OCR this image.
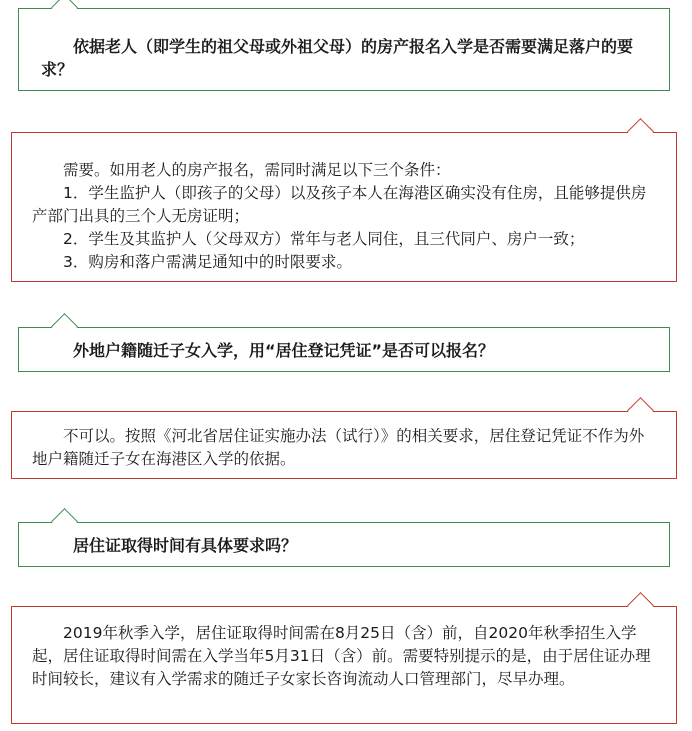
依据老人（即学生的祖父母或外祖父母）的房产报名入学是否需要满足落户的要求？

需要。如用老人的房产报名，需同时满足以下三个条件：

1．学生监护人（即孩子的父母）以及孩子本人在海港区确实没有住房，且能够提供房产部门出具的三个人无房证明；

2．学生及其监护人（父母双方）常年与老人同住，且三代同户、房户一致；

3．购房和落户需满足通知中的时限要求。

外地户籍随迁子女入学，用“居住登记凭证”是否可以报名？

不可以。按照《河北省居住证实施办法（试行）》的相关要求，居住登记凭证不作为外地户籍随迁子女在海港区入学的依据。

居住证取得时间有具体要求吗？

2019年秋季入学，居住证取得时间需在8月25日（含）前，自2020年秋季招生入学起，居住证取得时间需在入学当年5月31日（含）前。需要特别提示的是，由于居住证办理时间较长，建议有入学需求的随迁子女家长咨询流动人口管理部门，尽早办理。
